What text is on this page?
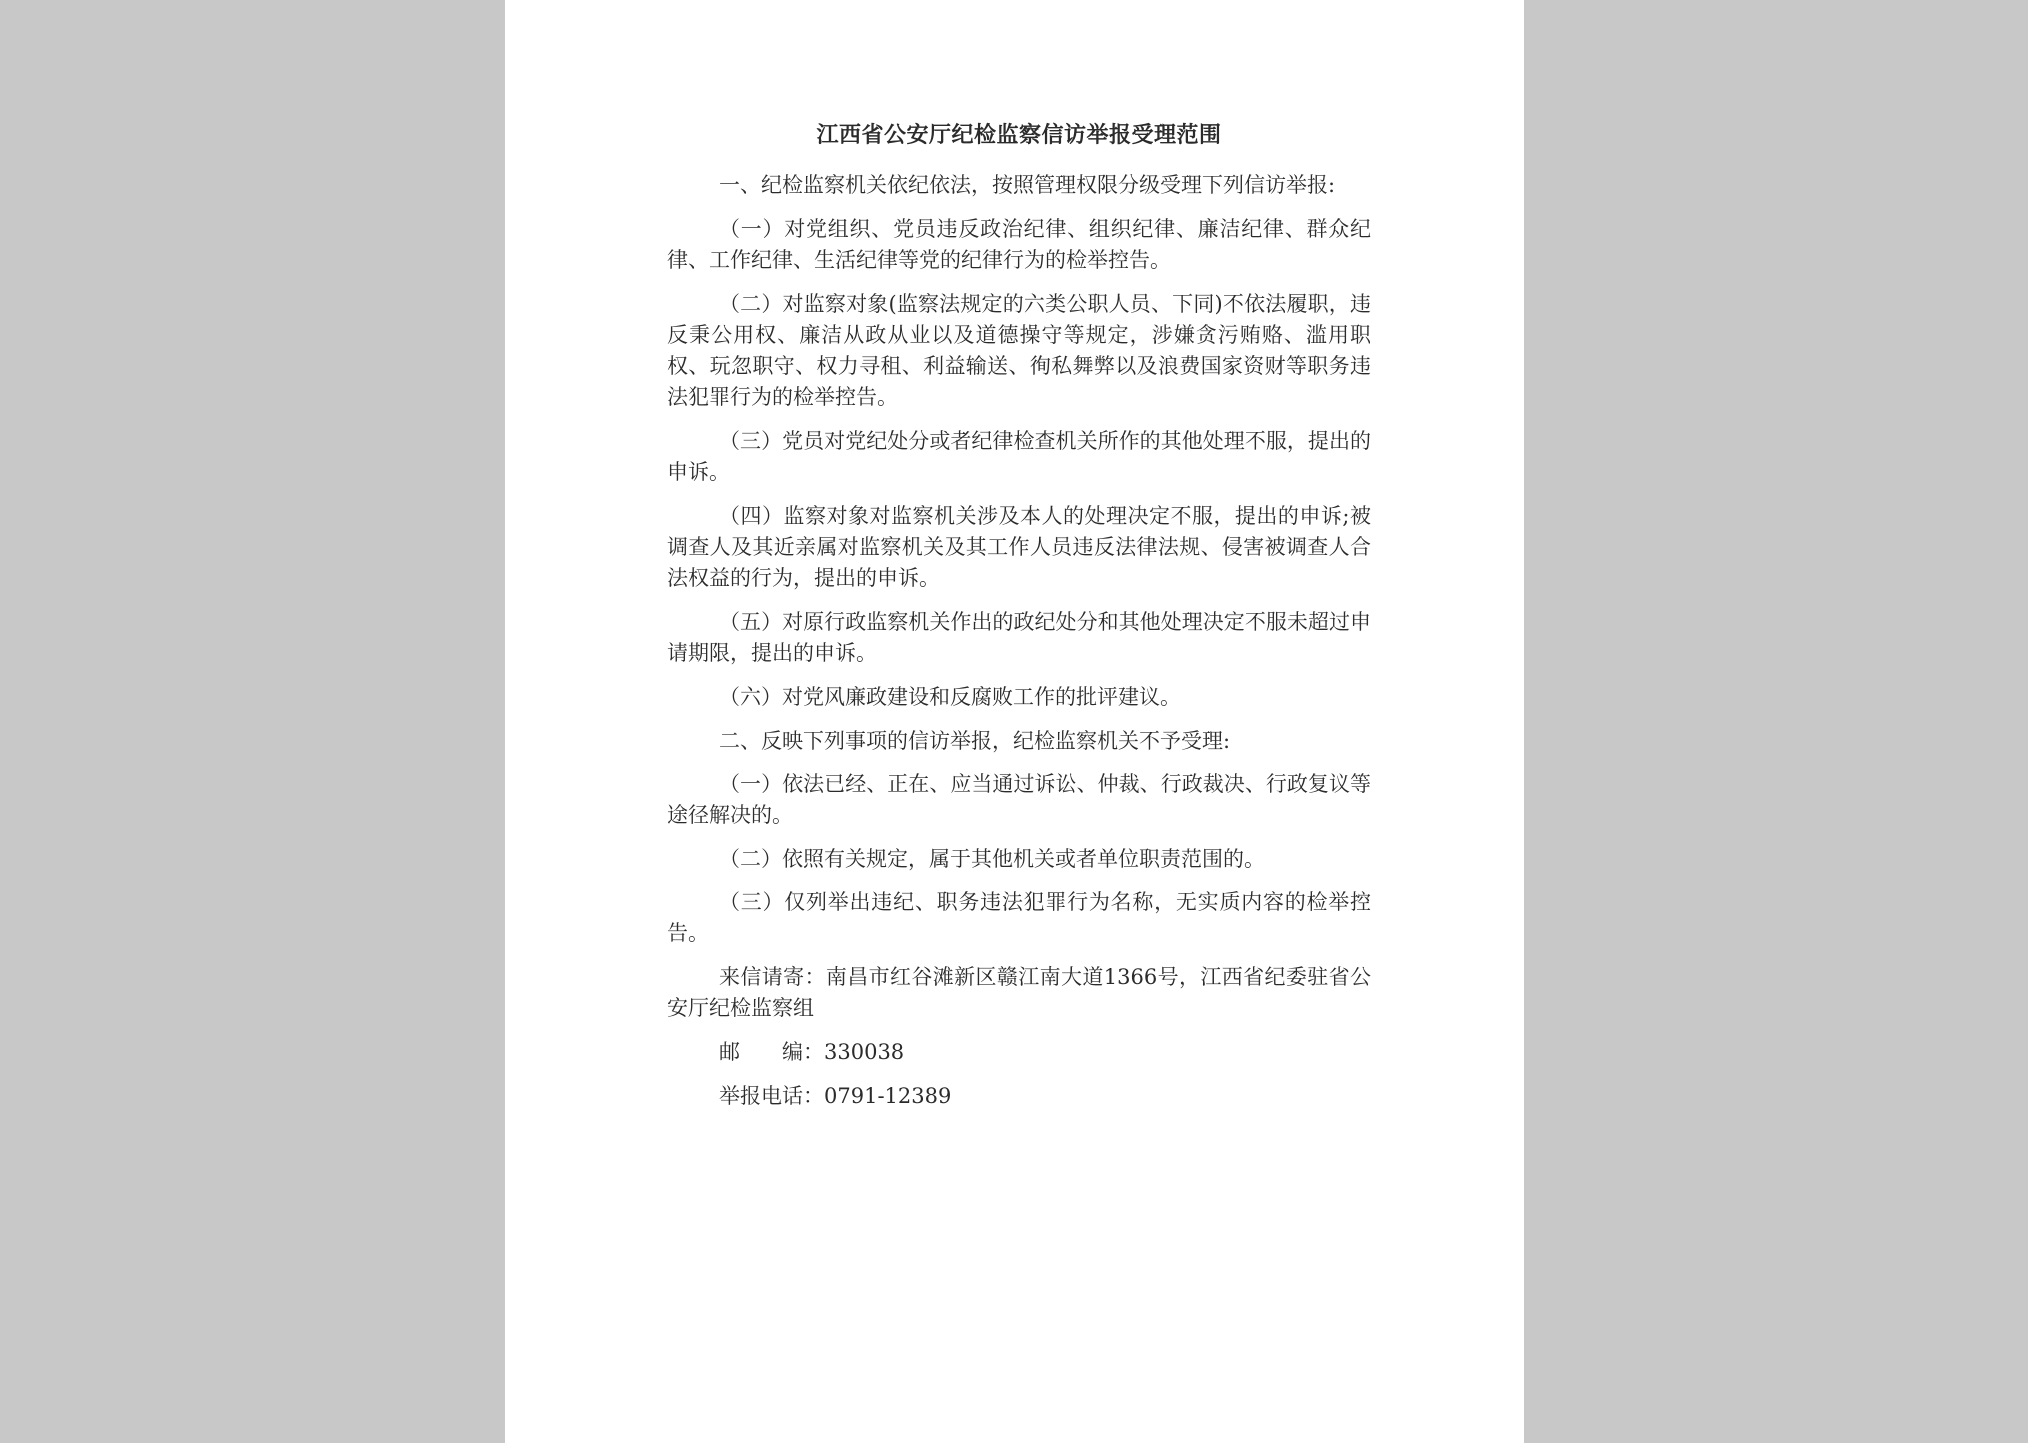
江西省公安厅纪检监察信访举报受理范围

一、纪检监察机关依纪依法，按照管理权限分级受理下列信访举报:

（一）对党组织、党员违反政治纪律、组织纪律、廉洁纪律、群众纪律、工作纪律、生活纪律等党的纪律行为的检举控告。

（二）对监察对象(监察法规定的六类公职人员、下同)不依法履职，违反秉公用权、廉洁从政从业以及道德操守等规定，涉嫌贪污贿赂、滥用职权、玩忽职守、权力寻租、利益输送、徇私舞弊以及浪费国家资财等职务违法犯罪行为的检举控告。

（三）党员对党纪处分或者纪律检查机关所作的其他处理不服，提出的申诉。

（四）监察对象对监察机关涉及本人的处理决定不服，提出的申诉;被调查人及其近亲属对监察机关及其工作人员违反法律法规、侵害被调查人合法权益的行为，提出的申诉。

（五）对原行政监察机关作出的政纪处分和其他处理决定不服未超过申请期限，提出的申诉。

（六）对党风廉政建设和反腐败工作的批评建议。

二、反映下列事项的信访举报，纪检监察机关不予受理:

（一）依法已经、正在、应当通过诉讼、仲裁、行政裁决、行政复议等途径解决的。

（二）依照有关规定，属于其他机关或者单位职责范围的。

（三）仅列举出违纪、职务违法犯罪行为名称，无实质内容的检举控告。

来信请寄：南昌市红谷滩新区赣江南大道1366号，江西省纪委驻省公安厅纪检监察组

邮　　编：330038

举报电话：0791-12389
